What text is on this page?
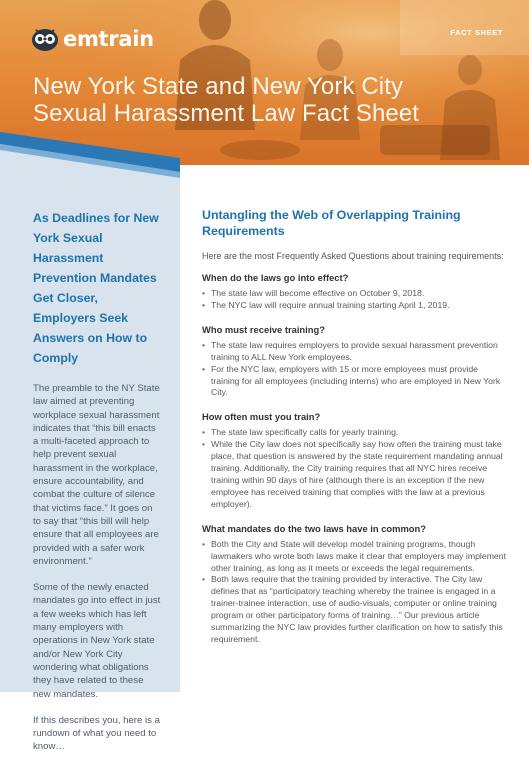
emtrain	FACT SHEET
New York State and New York City
Sexual Harassment Law Fact Sheet
As Deadlines for New York Sexual Harassment Prevention Mandates Get Closer, Employers Seek Answers on How to Comply

The preamble to the NY State law aimed at preventing workplace sexual harassment indicates that “this bill enacts a multi-faceted approach to help prevent sexual harassment in the workplace, ensure accountability, and combat the culture of silence that victims face.” It goes on to say that “this bill will help ensure that all employees are provided with a safer work environment.”

Some of the newly enacted mandates go into effect in just a few weeks which has left many employers with operations in New York state and/or New York City wondering what obligations they have related to these new mandates.

If this describes you, here is a rundown of what you need to know…

Untangling the Web of Overlapping Training Requirements

Here are the most Frequently Asked Questions about training requirements:

When do the laws go into effect?
• The state law will become effective on October 9, 2018.
• The NYC law will require annual training starting April 1, 2019.
Who must receive training?
• The state law requires employers to provide sexual harassment prevention training to ALL New York employees.
• For the NYC law, employers with 15 or more employees must provide training for all employees (including interns) who are employed in New York City.
How often must you train?
• The state law specifically calls for yearly training.
• While the City law does not specifically say how often the training must take place, that question is answered by the state requirement mandating annual training. Additionally, the City training requires that all NYC hires receive training within 90 days of hire (although there is an exception if the new employee has received training that complies with the law at a previous employer).
What mandates do the two laws have in common?
• Both the City and State will develop model training programs, though lawmakers who wrote both laws make it clear that employers may implement other training, as long as it meets or exceeds the legal requirements.
• Both laws require that the training provided by interactive. The City law defines that as “participatory teaching whereby the trainee is engaged in a trainer-trainee interaction, use of audio-visuals, computer or online training program or other participatory forms of training…” Our previous article summarizing the NYC law provides further clarification on how to satisfy this requirement.
